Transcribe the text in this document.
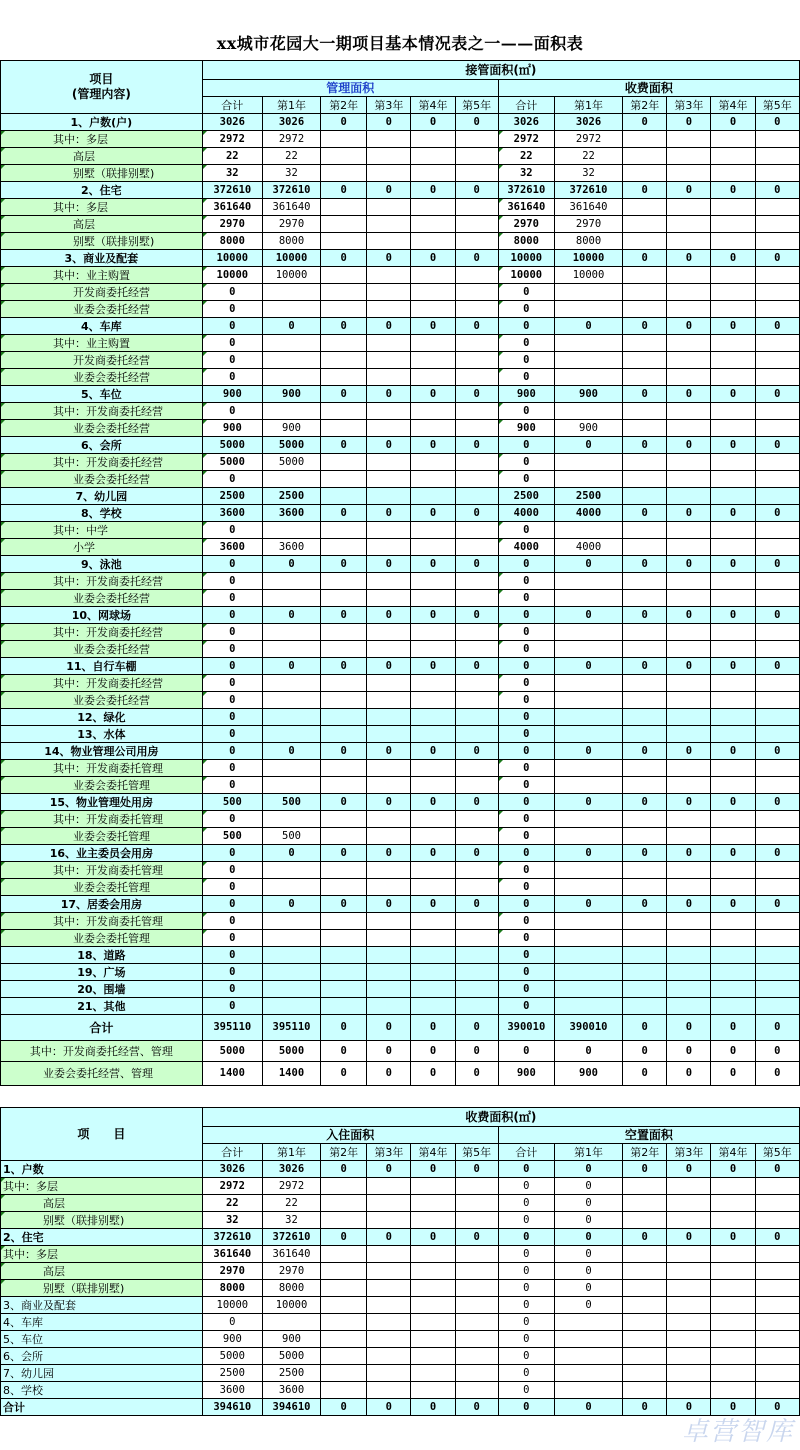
xx城市花园大一期项目基本情况表之一——面积表
项目
(管理内容)	接管面积(㎡)											
	管理面积						收费面积					
	合计	第1年	第2年	第3年	第4年	第5年	合计	第1年	第2年	第3年	第4年	第5年
1、户数(户)	3026	3026	0	0	0	0	3026	3026	0	0	0	0
其中：多层	2972	2972					2972	2972				
高层	22	22					22	22				
别墅（联排别墅)	32	32					32	32				
2、住宅	372610	372610	0	0	0	0	372610	372610	0	0	0	0
其中：多层	361640	361640					361640	361640				
高层	2970	2970					2970	2970				
别墅（联排别墅)	8000	8000					8000	8000				
3、商业及配套	10000	10000	0	0	0	0	10000	10000	0	0	0	0
其中：业主购置	10000	10000					10000	10000				
开发商委托经营	0						0					
业委会委托经营	0						0					
4、车库	0	0	0	0	0	0	0	0	0	0	0	0
其中：业主购置	0						0					
开发商委托经营	0						0					
业委会委托经营	0						0					
5、车位	900	900	0	0	0	0	900	900	0	0	0	0
其中：开发商委托经营	0						0					
业委会委托经营	900	900					900	900				
6、会所	5000	5000	0	0	0	0	0	0	0	0	0	0
其中：开发商委托经营	5000	5000					0					
业委会委托经营	0						0					
7、幼儿园	2500	2500					2500	2500				
8、学校	3600	3600	0	0	0	0	4000	4000	0	0	0	0
其中：中学	0						0					
小学	3600	3600					4000	4000				
9、泳池	0	0	0	0	0	0	0	0	0	0	0	0
其中：开发商委托经营	0						0					
业委会委托经营	0						0					
10、网球场	0	0	0	0	0	0	0	0	0	0	0	0
其中：开发商委托经营	0						0					
业委会委托经营	0						0					
11、自行车棚	0	0	0	0	0	0	0	0	0	0	0	0
其中：开发商委托经营	0						0					
业委会委托经营	0						0					
12、绿化	0						0					
13、水体	0						0					
14、物业管理公司用房	0	0	0	0	0	0	0	0	0	0	0	0
其中：开发商委托管理	0						0					
业委会委托管理	0						0					
15、物业管理处用房	500	500	0	0	0	0	0	0	0	0	0	0
其中：开发商委托管理	0						0					
业委会委托管理	500	500					0					
16、业主委员会用房	0	0	0	0	0	0	0	0	0	0	0	0
其中：开发商委托管理	0						0					
业委会委托管理	0						0					
17、居委会用房	0	0	0	0	0	0	0	0	0	0	0	0
其中：开发商委托管理	0						0					
业委会委托管理	0						0					
18、道路	0						0					
19、广场	0						0					
20、围墙	0						0					
21、其他	0						0					
合计	395110	395110	0	0	0	0	390010	390010	0	0	0	0
其中：开发商委托经营、管理	5000	5000	0	0	0	0	0	0	0	0	0	0
业委会委托经营、管理	1400	1400	0	0	0	0	900	900	0	0	0	0
项　　目	收费面积(㎡)											
	入住面积						空置面积					
	合计	第1年	第2年	第3年	第4年	第5年	合计	第1年	第2年	第3年	第4年	第5年
1、户数	3026	3026	0	0	0	0	0	0	0	0	0	0
其中：多层	2972	2972					0	0				
高层	22	22					0	0				
别墅（联排别墅)	32	32					0	0				
2、住宅	372610	372610	0	0	0	0	0	0	0	0	0	0
其中：多层	361640	361640					0	0				
高层	2970	2970					0	0				
别墅（联排别墅)	8000	8000					0	0				
3、商业及配套	10000	10000					0	0				
4、车库	0						0					
5、车位	900	900					0					
6、会所	5000	5000					0					
7、幼儿园	2500	2500					0					
8、学校	3600	3600					0					
合计	394610	394610	0	0	0	0	0	0	0	0	0	0
卓营智库
